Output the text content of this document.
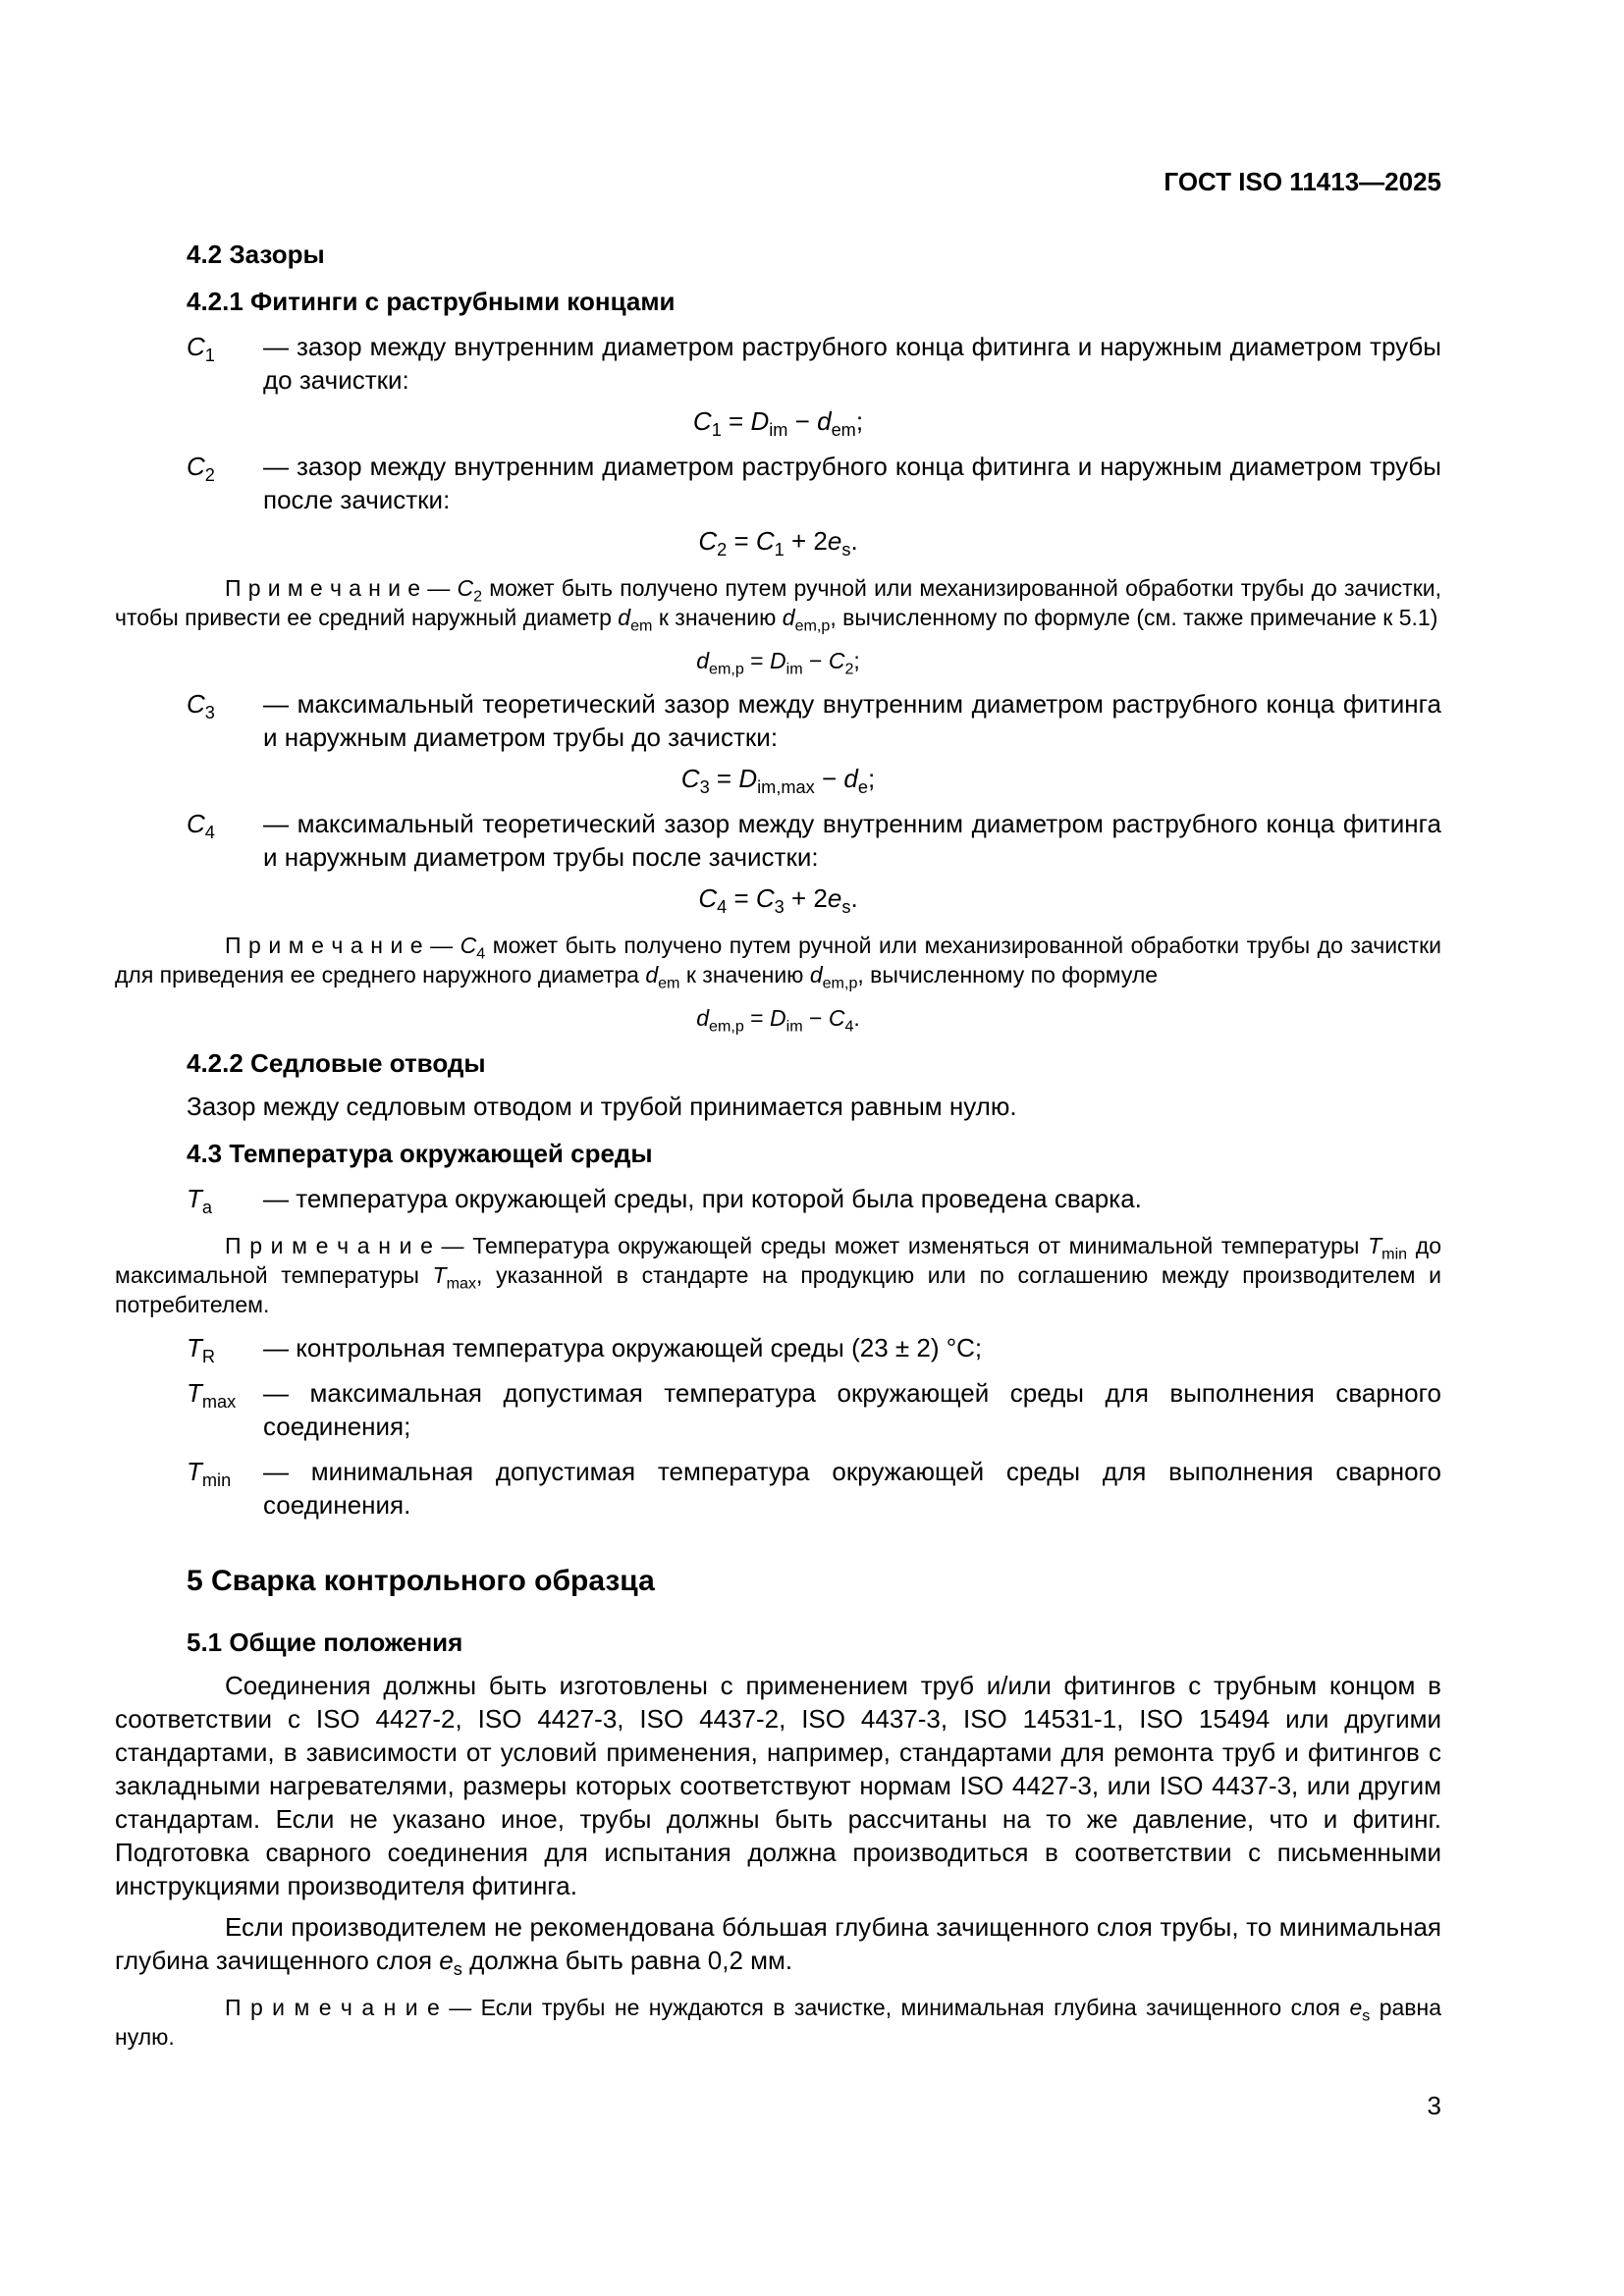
ГОСТ ISO 11413—2025
4.2 Зазоры
4.2.1 Фитинги с раструбными концами
$C_1$	— зазор между внутренним диаметром раструбного конца фитинга и наружным диаметром трубы до зачистки:
$C_1 = D_{im} - d_{em}$;
$C_2$	— зазор между внутренним диаметром раструбного конца фитинга и наружным диаметром трубы после зачистки:
$C_2 = C_1 + 2e_s$.
П р и м е ч а н и е — $C_2$ может быть получено путем ручной или механизированной обработки трубы до зачистки, чтобы привести ее средний наружный диаметр $d_{em}$ к значению $d_{em,p}$, вычисленному по формуле (см. также примечание к 5.1)
$d_{em,p} = D_{im} - C_2$;
$C_3$	— максимальный теоретический зазор между внутренним диаметром раструбного конца фитинга и наружным диаметром трубы до зачистки:
$C_3 = D_{im,max} - d_e$;
$C_4$	— максимальный теоретический зазор между внутренним диаметром раструбного конца фитинга и наружным диаметром трубы после зачистки:
$C_4 = C_3 + 2e_s$.
П р и м е ч а н и е — $C_4$ может быть получено путем ручной или механизированной обработки трубы до зачистки для приведения ее среднего наружного диаметра $d_{em}$ к значению $d_{em,p}$, вычисленному по формуле
$d_{em,p} = D_{im} - C_4$.
4.2.2 Седловые отводы
Зазор между седловым отводом и трубой принимается равным нулю.
4.3 Температура окружающей среды
$T_a$	— температура окружающей среды, при которой была проведена сварка.
П р и м е ч а н и е — Температура окружающей среды может изменяться от минимальной температуры $T_{min}$ до максимальной температуры $T_{max}$, указанной в стандарте на продукцию или по соглашению между производителем и потребителем.
$T_R$	— контрольная температура окружающей среды (23 ± 2) °C;
$T_{max}$	— максимальная допустимая температура окружающей среды для выполнения сварного соединения;
$T_{min}$	— минимальная допустимая температура окружающей среды для выполнения сварного соединения.
5 Сварка контрольного образца
5.1 Общие положения
Соединения должны быть изготовлены с применением труб и/или фитингов с трубным концом в соответствии с ISO 4427-2, ISO 4427-3, ISO 4437-2, ISO 4437-3, ISO 14531-1, ISO 15494 или другими стандартами, в зависимости от условий применения, например, стандартами для ремонта труб и фитингов с закладными нагревателями, размеры которых соответствуют нормам ISO 4427-3, или ISO 4437-3, или другим стандартам. Если не указано иное, трубы должны быть рассчитаны на то же давление, что и фитинг. Подготовка сварного соединения для испытания должна производиться в соответствии с письменными инструкциями производителя фитинга.
Если производителем не рекомендована бо́льшая глубина зачищенного слоя трубы, то минимальная глубина зачищенного слоя $e_s$ должна быть равна 0,2 мм.
П р и м е ч а н и е — Если трубы не нуждаются в зачистке, минимальная глубина зачищенного слоя $e_s$ равна нулю.
3
